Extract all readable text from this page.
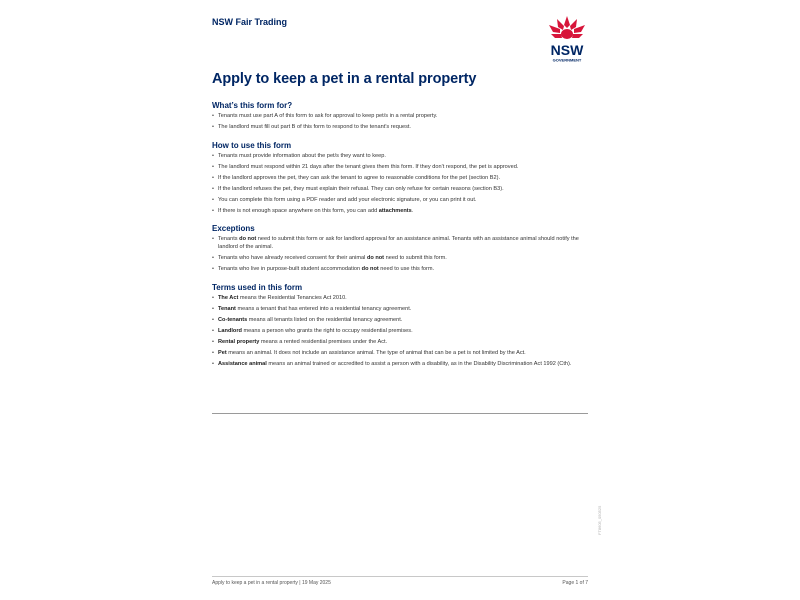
NSW Fair Trading
NSW
GOVERNMENT
Apply to keep a pet in a rental property
What’s this form for?
• Tenants must use part A of this form to ask for approval to keep pet/s in a rental property.
• The landlord must fill out part B of this form to respond to the tenant’s request.
How to use this form
• Tenants must provide information about the pet/s they want to keep.
• The landlord must respond within 21 days after the tenant gives them this form. If they don’t respond, the pet is approved.
• If the landlord approves the pet, they can ask the tenant to agree to reasonable conditions for the pet (section B2).
• If the landlord refuses the pet, they must explain their refusal. They can only refuse for certain reasons (section B3).
• You can complete this form using a PDF reader and add your electronic signature, or you can print it out.
• If there is not enough space anywhere on this form, you can add attachments.
Exceptions
• Tenants do not need to submit this form or ask for landlord approval for an assistance animal. Tenants with an assistance animal should notify the landlord of the animal.
• Tenants who have already received consent for their animal do not need to submit this form.
• Tenants who live in purpose-built student accommodation do not need to use this form.
Terms used in this form
• The Act means the Residential Tenancies Act 2010.
• Tenant means a tenant that has entered into a residential tenancy agreement.
• Co-tenants means all tenants listed on the residential tenancy agreement.
• Landlord means a person who grants the right to occupy residential premises.
• Rental property means a rented residential premises under the Act.
• Pet means an animal. It does not include an assistance animal. The type of animal that can be a pet is not limited by the Act.
• Assistance animal means an animal trained or accredited to assist a person with a disability, as in the Disability Discrimination Act 1992 (Cth).
FT8605_050525
Apply to keep a pet in a rental property | 19 May 2025	Page 1 of 7
